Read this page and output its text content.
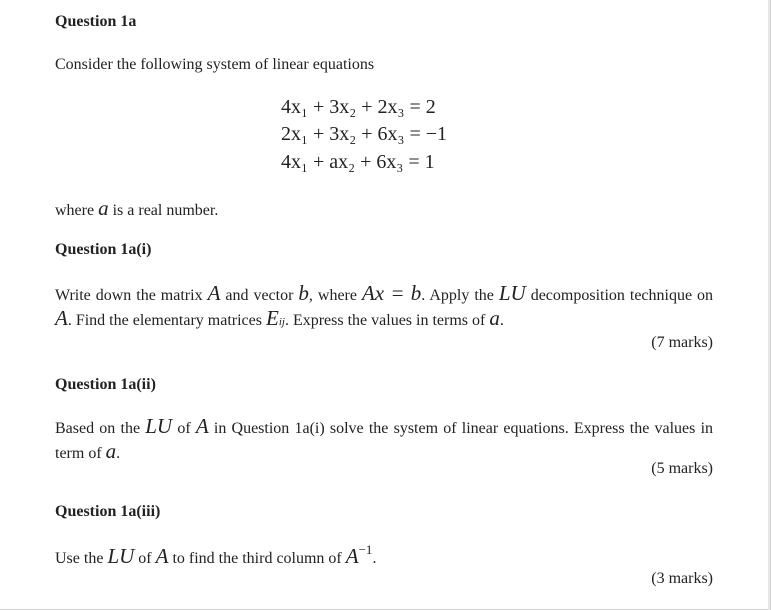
Question 1a
Consider the following system of linear equations
4x₁ + 3x₂ + 2x₃ = 2
2x₁ + 3x₂ + 6x₃ = −1
4x₁ + ax₂ + 6x₃ = 1
where a is a real number.
Question 1a(i)
Write down the matrix A and vector b, where Ax = b. Apply the LU decomposition technique on A. Find the elementary matrices Eij. Express the values in terms of a.
(7 marks)
Question 1a(ii)
Based on the LU of A in Question 1a(i) solve the system of linear equations. Express the values in term of a.
(5 marks)
Question 1a(iii)
Use the LU of A to find the third column of $A^{-1}$.
(3 marks)
